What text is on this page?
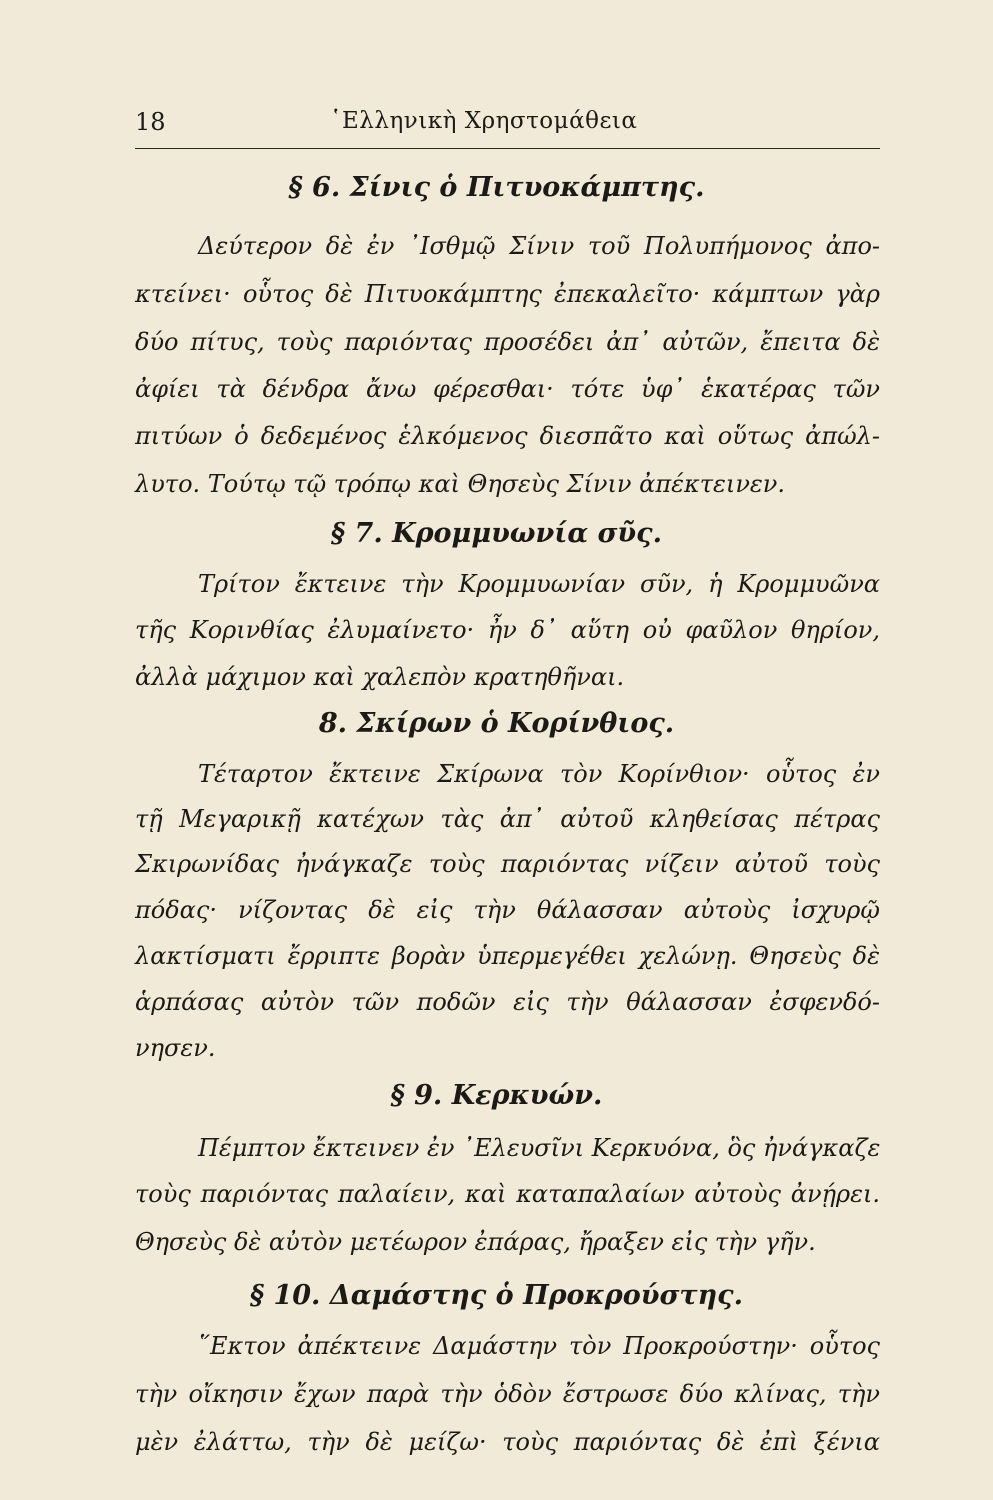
18	῾Ελληνικὴ Χρηστομάθεια
§ 6. Σίνις ὁ Πιτυοκάμπτης.
Δεύτερον δὲ ἐν ᾿Ισθμῷ Σίνιν τοῦ Πολυπήμονος ἀπο-
κτείνει· οὗτος δὲ Πιτυοκάμπτης ἐπεκαλεῖτο· κάμπτων γὰρ
δύο πίτυς, τοὺς παριόντας προσέδει ἀπ᾿ αὐτῶν, ἔπειτα δὲ
ἀφίει τὰ δένδρα ἄνω φέρεσθαι· τότε ὑφ᾿ ἑκατέρας τῶν
πιτύων ὁ δεδεμένος ἑλκόμενος διεσπᾶτο καὶ οὕτως ἀπώλ-
λυτο. Τούτῳ τῷ τρόπῳ καὶ Θησεὺς Σίνιν ἀπέκτεινεν.
§ 7. Κρομμυωνία σῦς.
Τρίτον ἔκτεινε τὴν Κρομμυωνίαν σῦν, ἡ Κρομμυῶνα
τῆς Κορινθίας ἐλυμαίνετο· ἦν δ᾿ αὕτη οὐ φαῦλον θηρίον,
ἀλλὰ μάχιμον καὶ χαλεπὸν κρατηθῆναι.
8. Σκίρων ὁ Κορίνθιος.
Τέταρτον ἔκτεινε Σκίρωνα τὸν Κορίνθιον· οὗτος ἐν
τῇ Μεγαρικῇ κατέχων τὰς ἀπ᾿ αὐτοῦ κληθείσας πέτρας
Σκιρωνίδας ἠνάγκαζε τοὺς παριόντας νίζειν αὐτοῦ τοὺς
πόδας· νίζοντας δὲ εἰς τὴν θάλασσαν αὐτοὺς ἰσχυρῷ
λακτίσματι ἔρριπτε βορὰν ὑπερμεγέθει χελώνῃ. Θησεὺς δὲ
ἁρπάσας αὐτὸν τῶν ποδῶν εἰς τὴν θάλασσαν ἐσφενδό-
νησεν.
§ 9. Κερκυών.
Πέμπτον ἔκτεινεν ἐν ᾿Ελευσῖνι Κερκυόνα, ὃς ἠνάγκαζε
τοὺς παριόντας παλαίειν, καὶ καταπαλαίων αὐτοὺς ἀνῄρει.
Θησεὺς δὲ αὐτὸν μετέωρον ἐπάρας, ἤραξεν εἰς τὴν γῆν.
§ 10. Δαμάστης ὁ Προκρούστης.
῞Εκτον ἀπέκτεινε Δαμάστην τὸν Προκρούστην· οὗτος
τὴν οἴκησιν ἔχων παρὰ τὴν ὁδὸν ἔστρωσε δύο κλίνας, τὴν
μὲν ἐλάττω, τὴν δὲ μείζω· τοὺς παριόντας δὲ ἐπὶ ξένια
